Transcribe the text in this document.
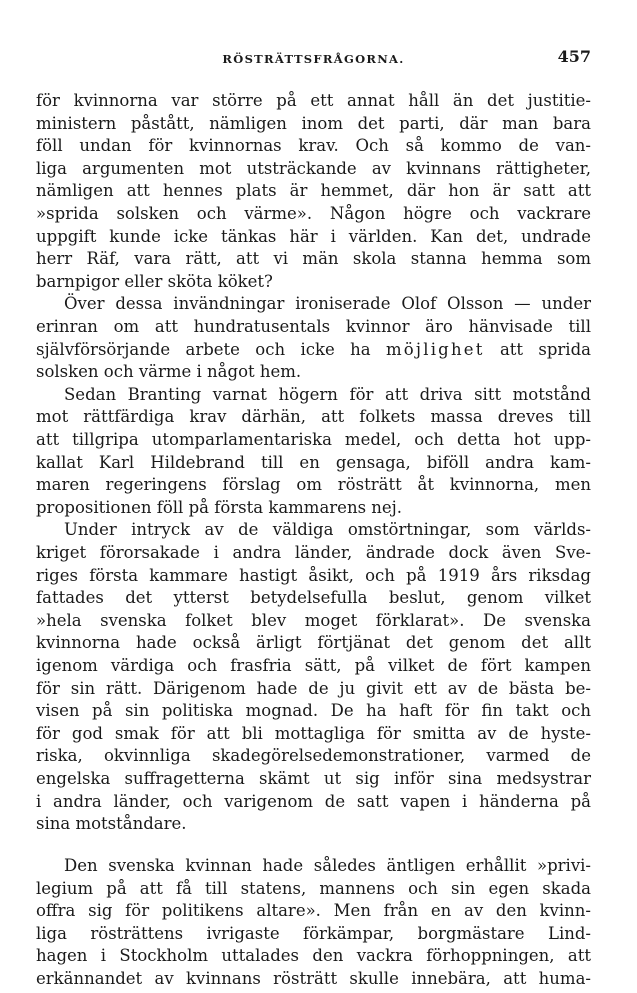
RÖSTRÄTTSFRÅGORNA.	457
för kvinnorna var större på ett annat håll än det justitie-
ministern påstått, nämligen inom det parti, där man bara
föll undan för kvinnornas krav. Och så kommo de van-
liga argumenten mot utsträckande av kvinnans rättigheter,
nämligen att hennes plats är hemmet, där hon är satt att
»sprida solsken och värme». Någon högre och vackrare
uppgift kunde icke tänkas här i världen. Kan det, undrade
herr Räf, vara rätt, att vi män skola stanna hemma som
barnpigor eller sköta köket?
Över dessa invändningar ironiserade Olof Olsson — under
erinran om att hundratusentals kvinnor äro hänvisade till
självförsörjande arbete och icke ha möjlighet att sprida
solsken och värme i något hem.
Sedan Branting varnat högern för att driva sitt motstånd
mot rättfärdiga krav därhän, att folkets massa dreves till
att tillgripa utomparlamentariska medel, och detta hot upp-
kallat Karl Hildebrand till en gensaga, biföll andra kam-
maren regeringens förslag om rösträtt åt kvinnorna, men
propositionen föll på första kammarens nej.
Under intryck av de väldiga omstörtningar, som världs-
kriget förorsakade i andra länder, ändrade dock även Sve-
riges första kammare hastigt åsikt, och på 1919 års riksdag
fattades det ytterst betydelsefulla beslut, genom vilket
»hela svenska folket blev moget förklarat». De svenska
kvinnorna hade också ärligt förtjänat det genom det allt
igenom värdiga och frasfria sätt, på vilket de fört kampen
för sin rätt. Därigenom hade de ju givit ett av de bästa be-
visen på sin politiska mognad. De ha haft för fin takt och
för god smak för att bli mottagliga för smitta av de hyste-
riska, okvinnliga skadegörelsedemonstrationer, varmed de
engelska suffragetterna skämt ut sig inför sina medsystrar
i andra länder, och varigenom de satt vapen i händerna på
sina motståndare.
Den svenska kvinnan hade således äntligen erhållit »privi-
legium på att få till statens, mannens och sin egen skada
offra sig för politikens altare». Men från en av den kvinn-
liga rösträttens ivrigaste förkämpar, borgmästare Lind-
hagen i Stockholm uttalades den vackra förhoppningen, att
erkännandet av kvinnans rösträtt skulle innebära, att huma-
